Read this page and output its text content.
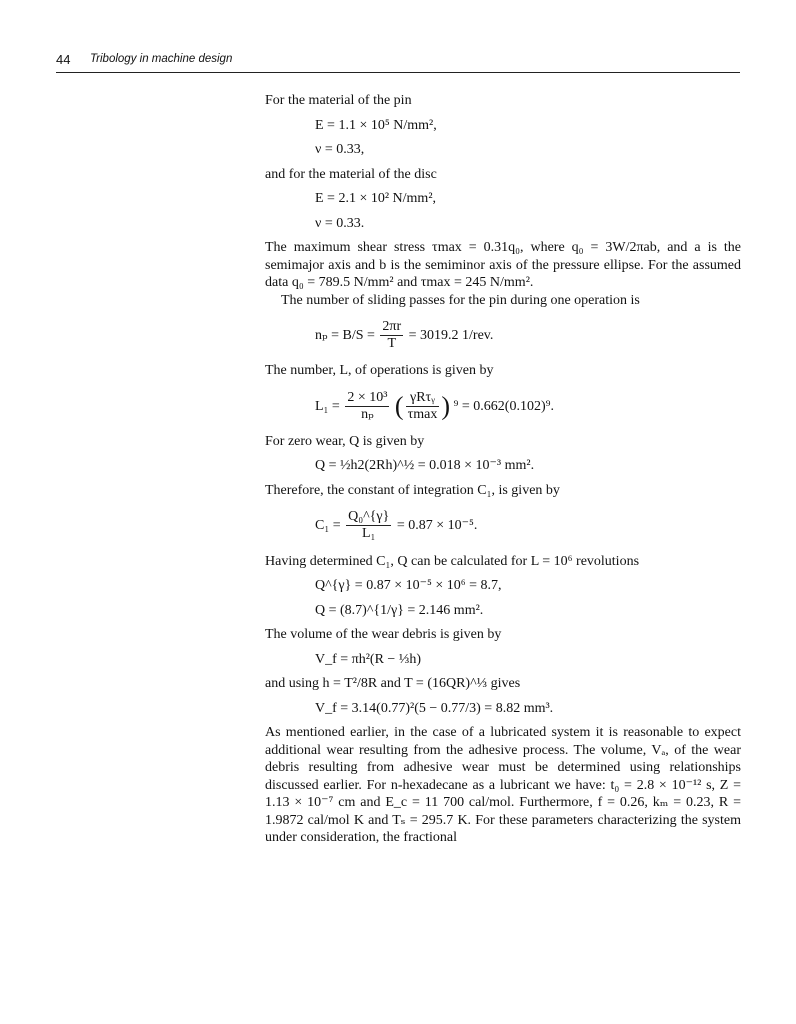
44 Tribology in machine design

For the material of the pin

E = 1.1 × 10⁵ N/mm²,
ν = 0.33,

and for the material of the disc

E = 2.1 × 10² N/mm²,
ν = 0.33.

The maximum shear stress τmax = 0.31q₀, where q₀ = 3W/2πab, and a is the semimajor axis and b is the semiminor axis of the pressure ellipse. For the assumed data q₀ = 789.5 N/mm² and τmax = 245 N/mm².

The number of sliding passes for the pin during one operation is

$n_p = B/S = \frac{2\pi r}{T} = 3019.2$ 1/rev.

The number, L, of operations is given by

$L_1 = \frac{\text{2 × 10³}}{\text{nₚ}}$ ( $\frac{\text{γRτᵧ}}{\tau\max}$ ) ⁹ = 0.662(0.102)⁹.

For zero wear, Q is given by

Q = ½h2(2Rh)^½ = 0.018 × 10⁻³ mm².

Therefore, the constant of integration C₁, is given by

$C_1 = \frac{\text{Q₀\textasciicircum{}\{γ\}}}{\text{L₁}} = 0.87 \times 10^{-5}$.

Having determined C₁, Q can be calculated for L = 10⁶ revolutions

Q^{γ} = 0.87 × 10⁻⁵ × 10⁶ = 8.7,
Q = (8.7)^{1/γ} = 2.146 mm².

The volume of the wear debris is given by

V_f = πh²(R − ⅓h)

and using h = T²/8R and T = (16QR)^⅓ gives

V_f = 3.14(0.77)²(5 − 0.77/3) = 8.82 mm³.

As mentioned earlier, in the case of a lubricated system it is reasonable to expect additional wear resulting from the adhesive process. The volume, Vₐ, of the wear debris resulting from adhesive wear must be determined using relationships discussed earlier. For n-hexadecane as a lubricant we have: t₀ = 2.8 × 10⁻¹² s, Z = 1.13 × 10⁻⁷ cm and E_c = 11 700 cal/mol. Furthermore, f = 0.26, kₘ = 0.23, R = 1.9872 cal/mol K and Tₛ = 295.7 K. For these parameters characterizing the system under consideration, the fractional
